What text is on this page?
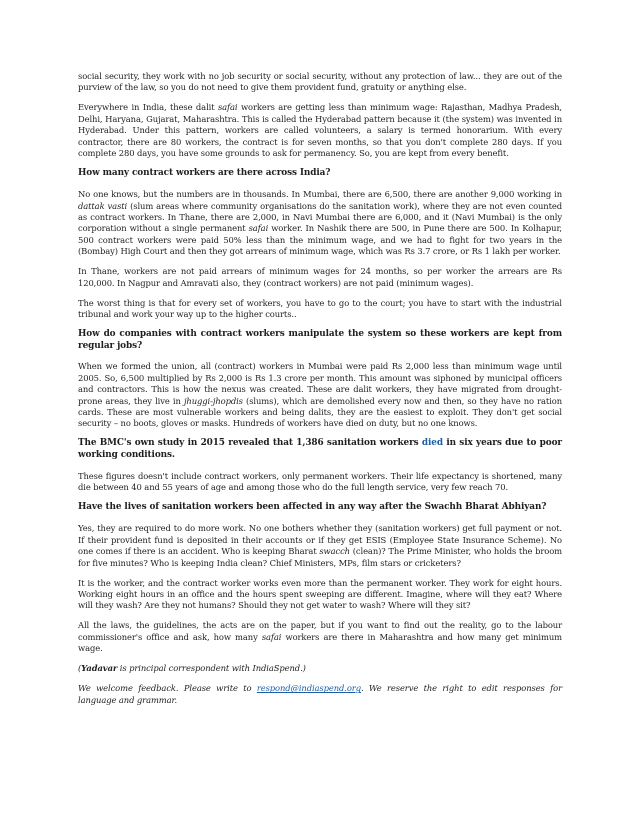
social security, they work with no job security or social security, without any protection of law... they are out of the purview of the law, so you do not need to give them provident fund, gratuity or anything else.

Everywhere in India, these dalit safai workers are getting less than minimum wage: Rajasthan, Madhya Pradesh, Delhi, Haryana, Gujarat, Maharashtra. This is called the Hyderabad pattern because it (the system) was invented in Hyderabad. Under this pattern, workers are called volunteers, a salary is termed honorarium. With every contractor, there are 80 workers, the contract is for seven months, so that you don't complete 280 days. If you complete 280 days, you have some grounds to ask for permanency. So, you are kept from every benefit.

How many contract workers are there across India?

No one knows, but the numbers are in thousands. In Mumbai, there are 6,500, there are another 9,000 working in dattak vasti (slum areas where community organisations do the sanitation work), where they are not even counted as contract workers. In Thane, there are 2,000, in Navi Mumbai there are 6,000, and it (Navi Mumbai) is the only corporation without a single permanent safai worker. In Nashik there are 500, in Pune there are 500. In Kolhapur, 500 contract workers were paid 50% less than the minimum wage, and we had to fight for two years in the (Bombay) High Court and then they got arrears of minimum wage, which was Rs 3.7 crore, or Rs 1 lakh per worker.

In Thane, workers are not paid arrears of minimum wages for 24 months, so per worker the arrears are Rs 120,000. In Nagpur and Amravati also, they (contract workers) are not paid (minimum wages).

The worst thing is that for every set of workers, you have to go to the court; you have to start with the industrial tribunal and work your way up to the higher courts..

How do companies with contract workers manipulate the system so these workers are kept from regular jobs?

When we formed the union, all (contract) workers in Mumbai were paid Rs 2,000 less than minimum wage until 2005. So, 6,500 multiplied by Rs 2,000 is Rs 1.3 crore per month. This amount was siphoned by municipal officers and contractors. This is how the nexus was created. These are dalit workers, they have migrated from drought-prone areas, they live in jhuggi-jhopdis (slums), which are demolished every now and then, so they have no ration cards. These are most vulnerable workers and being dalits, they are the easiest to exploit. They don't get social security – no boots, gloves or masks. Hundreds of workers have died on duty, but no one knows.

The BMC's own study in 2015 revealed that 1,386 sanitation workers died in six years due to poor working conditions.

These figures doesn't include contract workers, only permanent workers. Their life expectancy is shortened, many die between 40 and 55 years of age and among those who do the full length service, very few reach 70.

Have the lives of sanitation workers been affected in any way after the Swachh Bharat Abhiyan?

Yes, they are required to do more work. No one bothers whether they (sanitation workers) get full payment or not. If their provident fund is deposited in their accounts or if they get ESIS (Employee State Insurance Scheme). No one comes if there is an accident. Who is keeping Bharat swacch (clean)? The Prime Minister, who holds the broom for five minutes? Who is keeping India clean? Chief Ministers, MPs, film stars or cricketers?

It is the worker, and the contract worker works even more than the permanent worker. They work for eight hours. Working eight hours in an office and the hours spent sweeping are different. Imagine, where will they eat? Where will they wash? Are they not humans? Should they not get water to wash? Where will they sit?

All the laws, the guidelines, the acts are on the paper, but if you want to find out the reality, go to the labour commissioner's office and ask, how many safai workers are there in Maharashtra and how many get minimum wage.

(Yadavar is principal correspondent with IndiaSpend.)

We welcome feedback. Please write to respond@indiaspend.org. We reserve the right to edit responses for language and grammar.
